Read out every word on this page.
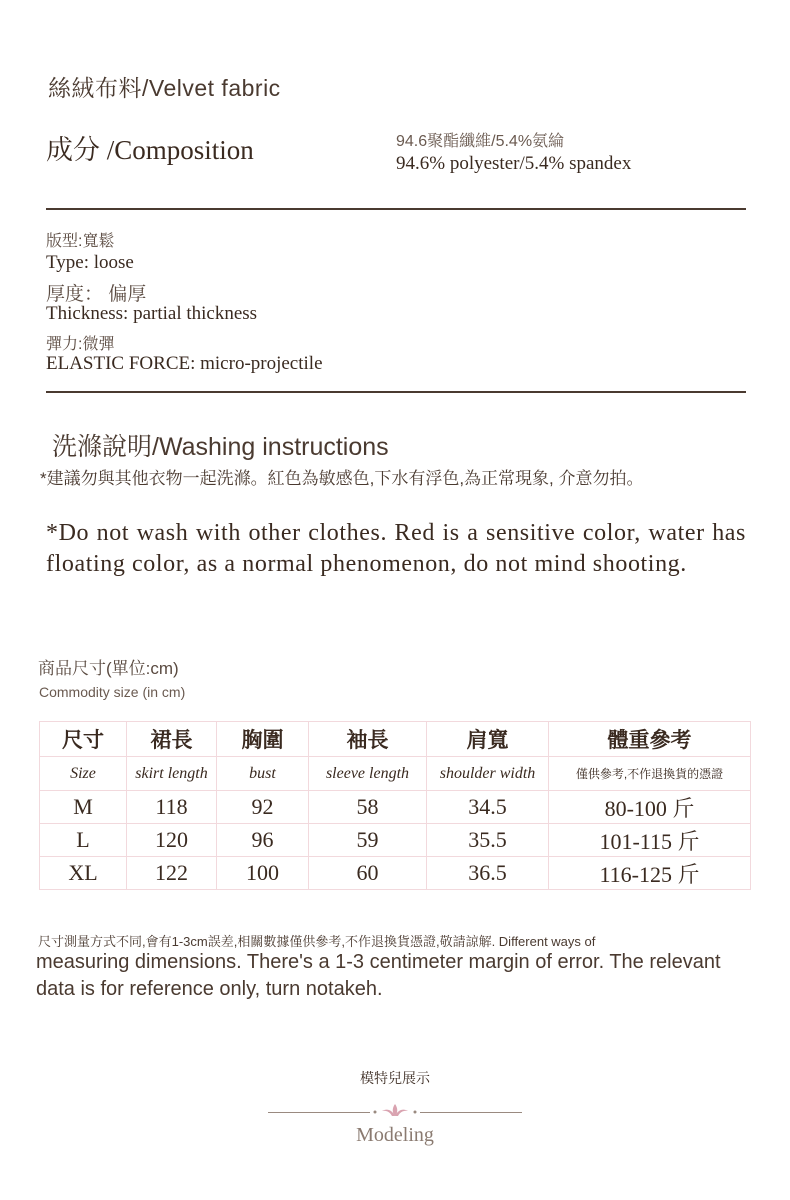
絲絨布料/Velvet fabric
成分 /Composition	94.6聚酯纖維/5.4%氨綸
94.6% polyester/5.4% spandex
版型:寬鬆
Type: loose
厚度： 偏厚
Thickness: partial thickness
彈力:微彈
ELASTIC FORCE: micro-projectile
洗滌說明/Washing instructions
*建議勿與其他衣物一起洗滌。紅色為敏感色,下水有浮色,為正常現象, 介意勿拍。
*Do not wash with other clothes. Red is a sensitive color, water has floating color, as a normal phenomenon, do not mind shooting.
商品尺寸(單位:cm)
Commodity size (in cm)
尺寸	裙長	胸圍	袖長	肩寬	體重參考
Size	skirt length	bust	sleeve length	shoulder width	僅供參考,不作退換貨的憑證
M	118	92	58	34.5	80-100 斤
L	120	96	59	35.5	101-115 斤
XL	122	100	60	36.5	116-125 斤
尺寸測量方式不同,會有1-3cm誤差,相關數據僅供參考,不作退換貨憑證,敬請諒解. Different ways of
measuring dimensions. There's a 1-3 centimeter margin of error. The relevant data is for reference only, turn notakeh.
模特兒展示
Modeling
